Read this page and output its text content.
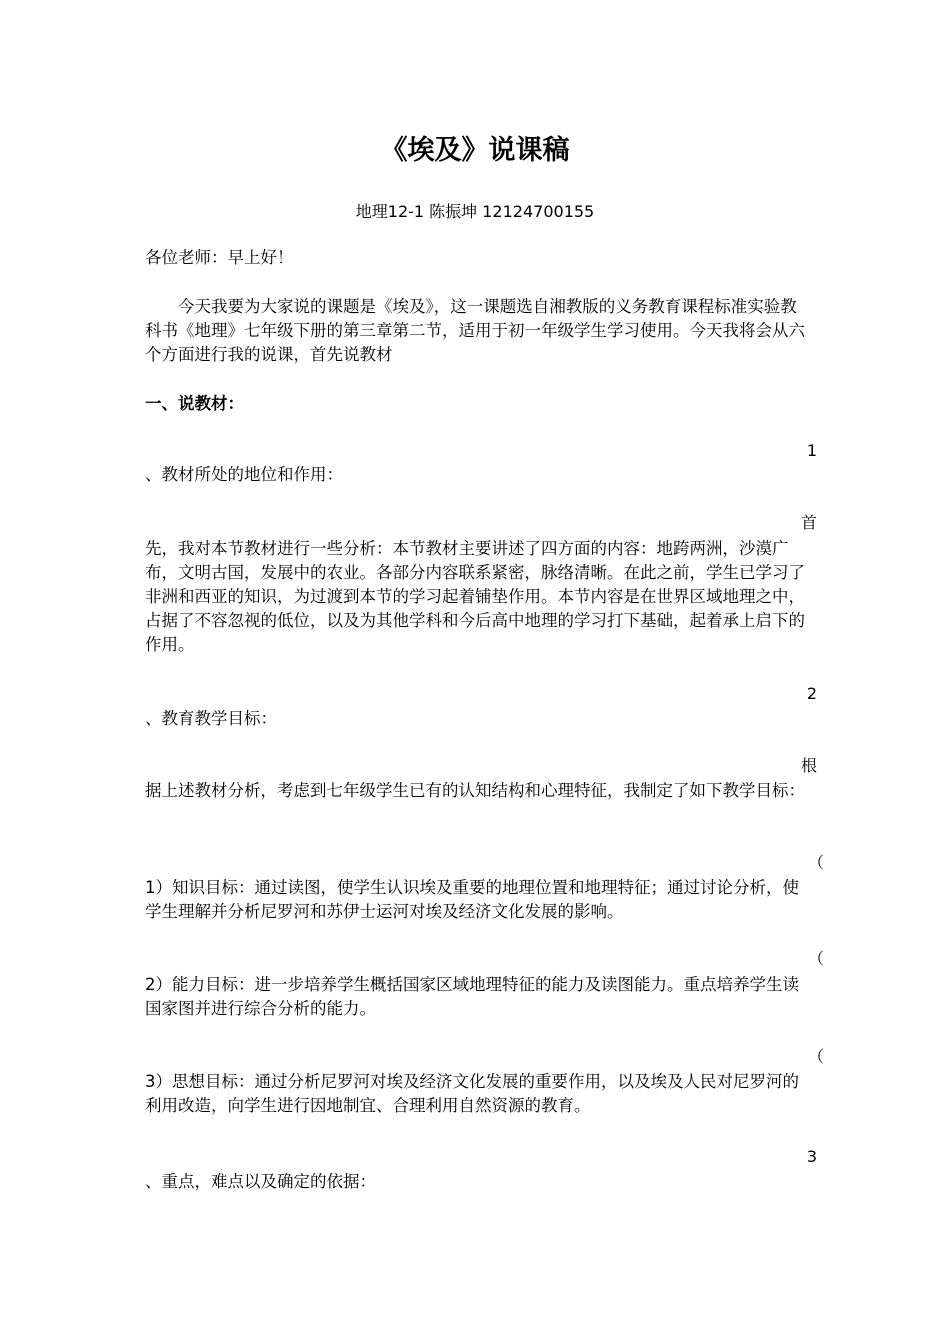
《埃及》说课稿
地理12-1 陈振坤 12124700155
各位老师：早上好！

今天我要为大家说的课题是《埃及》，这一课题选自湘教版的义务教育课程标准实验教科书《地理》七年级下册的第三章第二节，适用于初一年级学生学习使用。今天我将会从六个方面进行我的说课，首先说教材

一、说教材：
1
、教材所处的地位和作用：
首

先，我对本节教材进行一些分析：本节教材主要讲述了四方面的内容：地跨两洲，沙漠广布，文明古国，发展中的农业。各部分内容联系紧密，脉络清晰。在此之前，学生已学习了非洲和西亚的知识，为过渡到本节的学习起着铺垫作用。本节内容是在世界区域地理之中，占据了不容忽视的低位，以及为其他学科和今后高中地理的学习打下基础，起着承上启下的作用。

2
、教育教学目标：
根

据上述教材分析，考虑到七年级学生已有的认知结构和心理特征，我制定了如下教学目标：

（

1）知识目标：通过读图，使学生认识埃及重要的地理位置和地理特征；通过讨论分析，使学生理解并分析尼罗河和苏伊士运河对埃及经济文化发展的影响。

（

2）能力目标：进一步培养学生概括国家区域地理特征的能力及读图能力。重点培养学生读国家图并进行综合分析的能力。

（

3）思想目标：通过分析尼罗河对埃及经济文化发展的重要作用，以及埃及人民对尼罗河的利用改造，向学生进行因地制宜、合理利用自然资源的教育。

3
、重点，难点以及确定的依据：
